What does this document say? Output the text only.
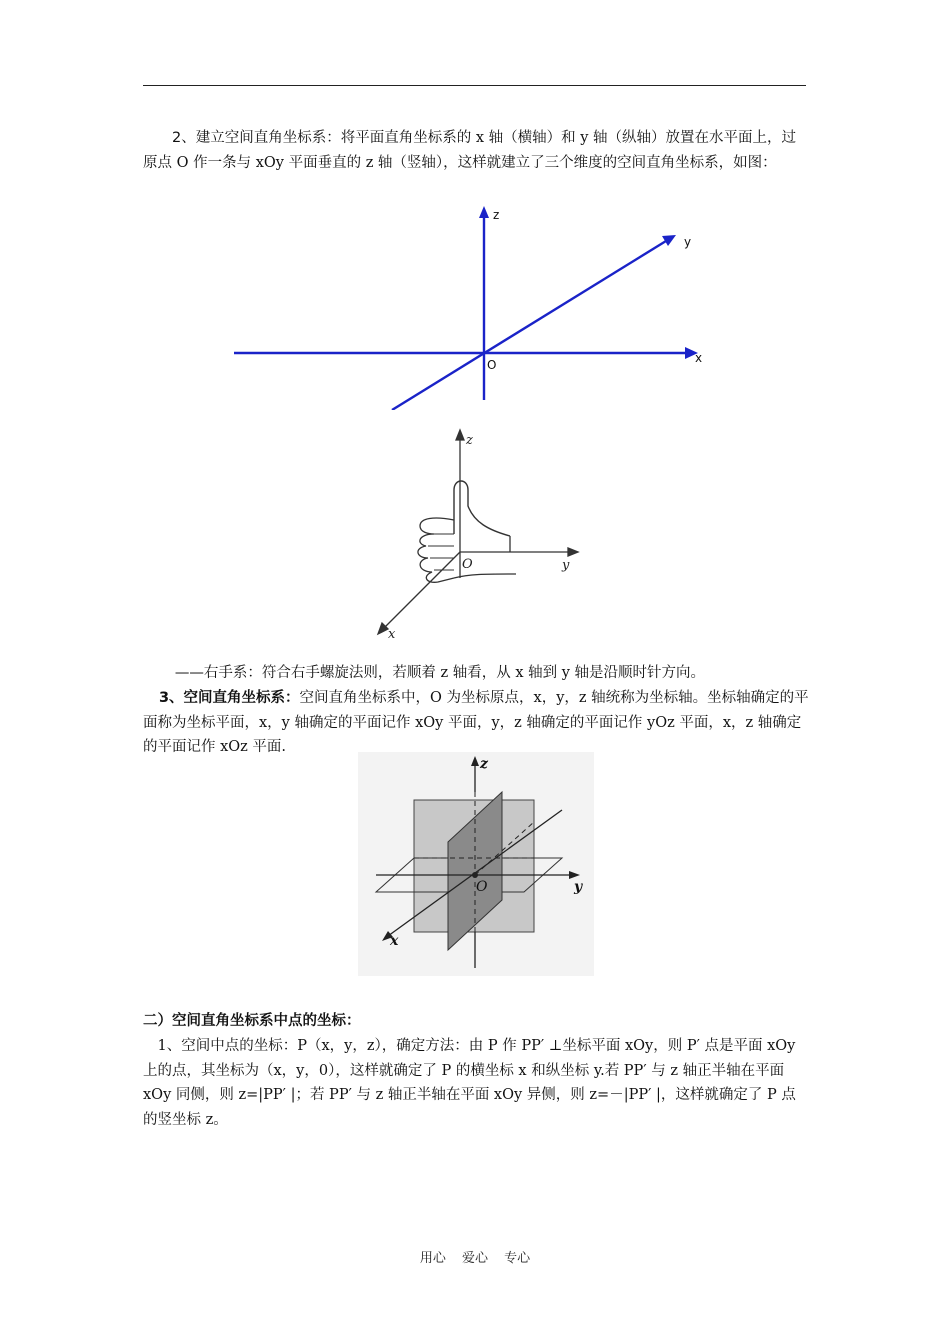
2、建立空间直角坐标系：将平面直角坐标系的 x 轴（横轴）和 y 轴（纵轴）放置在水平面上，过原点 O 作一条与 xOy 平面垂直的 z 轴（竖轴），这样就建立了三个维度的空间直角坐标系，如图：

z
y
x
O
z
y
x
O

——右手系：符合右手螺旋法则，若顺着 z 轴看，从 x 轴到 y 轴是沿顺时针方向。

3、空间直角坐标系：空间直角坐标系中，O 为坐标原点，x，y，z 轴统称为坐标轴。坐标轴确定的平面称为坐标平面，x，y 轴确定的平面记作 xOy 平面，y，z 轴确定的平面记作 yOz 平面，x，z 轴确定的平面记作 xOz 平面.

z
y
x
O

二）空间直角坐标系中点的坐标：

1、空间中点的坐标：P（x，y，z），确定方法：由 P 作 PP′ ⊥坐标平面 xOy，则 P′ 点是平面 xOy 上的点，其坐标为（x，y，0），这样就确定了 P 的横坐标 x 和纵坐标 y.若 PP′ 与 z 轴正半轴在平面 xOy 同侧，则 z=|PP′ |；若 PP′ 与 z 轴正半轴在平面 xOy 异侧，则 z=－|PP′ |，这样就确定了 P 点的竖坐标 z。

用心 爱心 专心
